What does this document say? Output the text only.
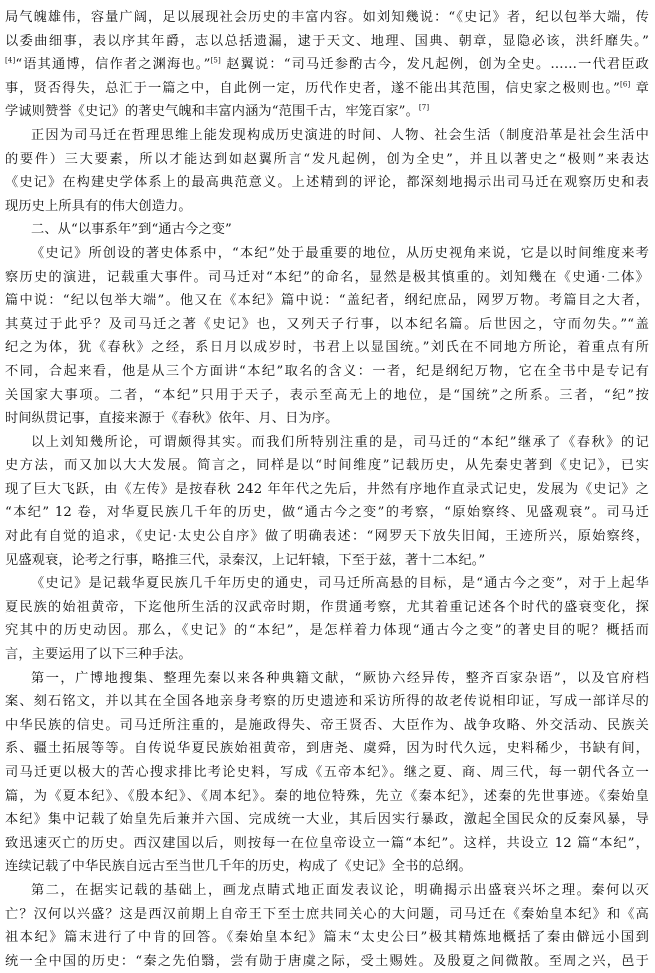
局气魄雄伟，容量广阔，足以展现社会历史的丰富内容。如刘知幾说：“《史记》者，纪以包举大端，传
以委曲细事，表以序其年爵，志以总括遗漏，逮于天文、地理、国典、朝章，显隐必该，洪纤靡失。”
[4]“语其通博，信作者之渊海也。”[5] 赵翼说：“司马迁参酌古今，发凡起例，创为全史。……一代君臣政
事，贤否得失，总汇于一篇之中，自此例一定，历代作史者，遂不能出其范围，信史家之极则也。”[6] 章
学诚则赞誉《史记》的著史气魄和丰富内涵为“范围千古，牢笼百家”。[7]
正因为司马迁在哲理思维上能发现构成历史演进的时间、人物、社会生活（制度沿革是社会生活中
的要件）三大要素，所以才能达到如赵翼所言“发凡起例，创为全史”，并且以著史之“极则”来表达
《史记》在构建史学体系上的最高典范意义。上述精到的评论，都深刻地揭示出司马迁在观察历史和表
现历史上所具有的伟大创造力。
二、从“以事系年”到“通古今之变”
《史记》所创设的著史体系中，“本纪”处于最重要的地位，从历史视角来说，它是以时间维度来考
察历史的演进，记载重大事件。司马迁对“本纪”的命名，显然是极其慎重的。刘知幾在《史通·二体》
篇中说：“纪以包举大端”。他又在《本纪》篇中说：“盖纪者，纲纪庶品，网罗万物。考篇目之大者，
其莫过于此乎？及司马迁之著《史记》也，又列天子行事，以本纪名篇。后世因之，守而勿失。”“盖
纪之为体，犹《春秋》之经，系日月以成岁时，书君上以显国统。”刘氏在不同地方所论，着重点有所
不同，合起来看，他是从三个方面讲“本纪”取名的含义：一者，纪是纲纪万物，它在全书中是专记有
关国家大事项。二者，“本纪”只用于天子，表示至高无上的地位，是“国统”之所系。三者，“纪”按
时间纵贯记事，直接来源于《春秋》依年、月、日为序。
以上刘知幾所论，可谓颇得其实。而我们所特别注重的是，司马迁的“本纪”继承了《春秋》的记
史方法，而又加以大大发展。简言之，同样是以“时间维度”记载历史，从先秦史著到《史记》，已实
现了巨大飞跃，由《左传》是按春秋 242 年年代之先后，井然有序地作直录式记史，发展为《史记》之
“本纪” 12 卷，对华夏民族几千年的历史，做“通古今之变”的考察，“原始察终、见盛观衰”。司马迁
对此有自觉的追求，《史记·太史公自序》做了明确表述：“网罗天下放失旧闻，王迹所兴，原始察终，
见盛观衰，论考之行事，略推三代，录秦汉，上记轩辕，下至于兹，著十二本纪。”
《史记》是记载华夏民族几千年历史的通史，司马迁所高悬的目标，是“通古今之变”，对于上起华
夏民族的始祖黄帝，下迄他所生活的汉武帝时期，作贯通考察，尤其着重记述各个时代的盛衰变化，探
究其中的历史动因。那么，《史记》的“本纪”，是怎样着力体现“通古今之变”的著史目的呢？概括而
言，主要运用了以下三种手法。
第一，广博地搜集、整理先秦以来各种典籍文献，“厥协六经异传，整齐百家杂语”，以及官府档
案、刻石铭文，并以其在全国各地亲身考察的历史遗迹和采访所得的故老传说相印证，写成一部详尽的
中华民族的信史。司马迁所注重的，是施政得失、帝王贤否、大臣作为、战争攻略、外交活动、民族关
系、疆土拓展等等。自传说华夏民族始祖黄帝，到唐尧、虞舜，因为时代久远，史料稀少，书缺有间，
司马迁更以极大的苦心搜求排比考论史料，写成《五帝本纪》。继之夏、商、周三代，每一朝代各立一
篇，为《夏本纪》、《殷本纪》、《周本纪》。秦的地位特殊，先立《秦本纪》，述秦的先世事迹。《秦始皇
本纪》集中记载了始皇先后兼并六国、完成统一大业，其后因实行暴政，激起全国民众的反秦风暴，导
致迅速灭亡的历史。西汉建国以后，则按每一在位皇帝设立一篇“本纪”。这样，共设立 12 篇“本纪”，
连续记载了中华民族自远古至当世几千年的历史，构成了《史记》全书的总纲。
第二，在据实记载的基础上，画龙点睛式地正面发表议论，明确揭示出盛衰兴坏之理。秦何以灭
亡？汉何以兴盛？这是西汉前期上自帝王下至士庶共同关心的大问题，司马迁在《秦始皇本纪》和《高
祖本纪》篇末进行了中肯的回答。《秦始皇本纪》篇末“太史公曰”极其精炼地概括了秦由僻远小国到
统一全中国的历史：“秦之先伯翳，尝有勋于唐虞之际，受土赐姓。及殷夏之间微散。至周之兴，邑于
